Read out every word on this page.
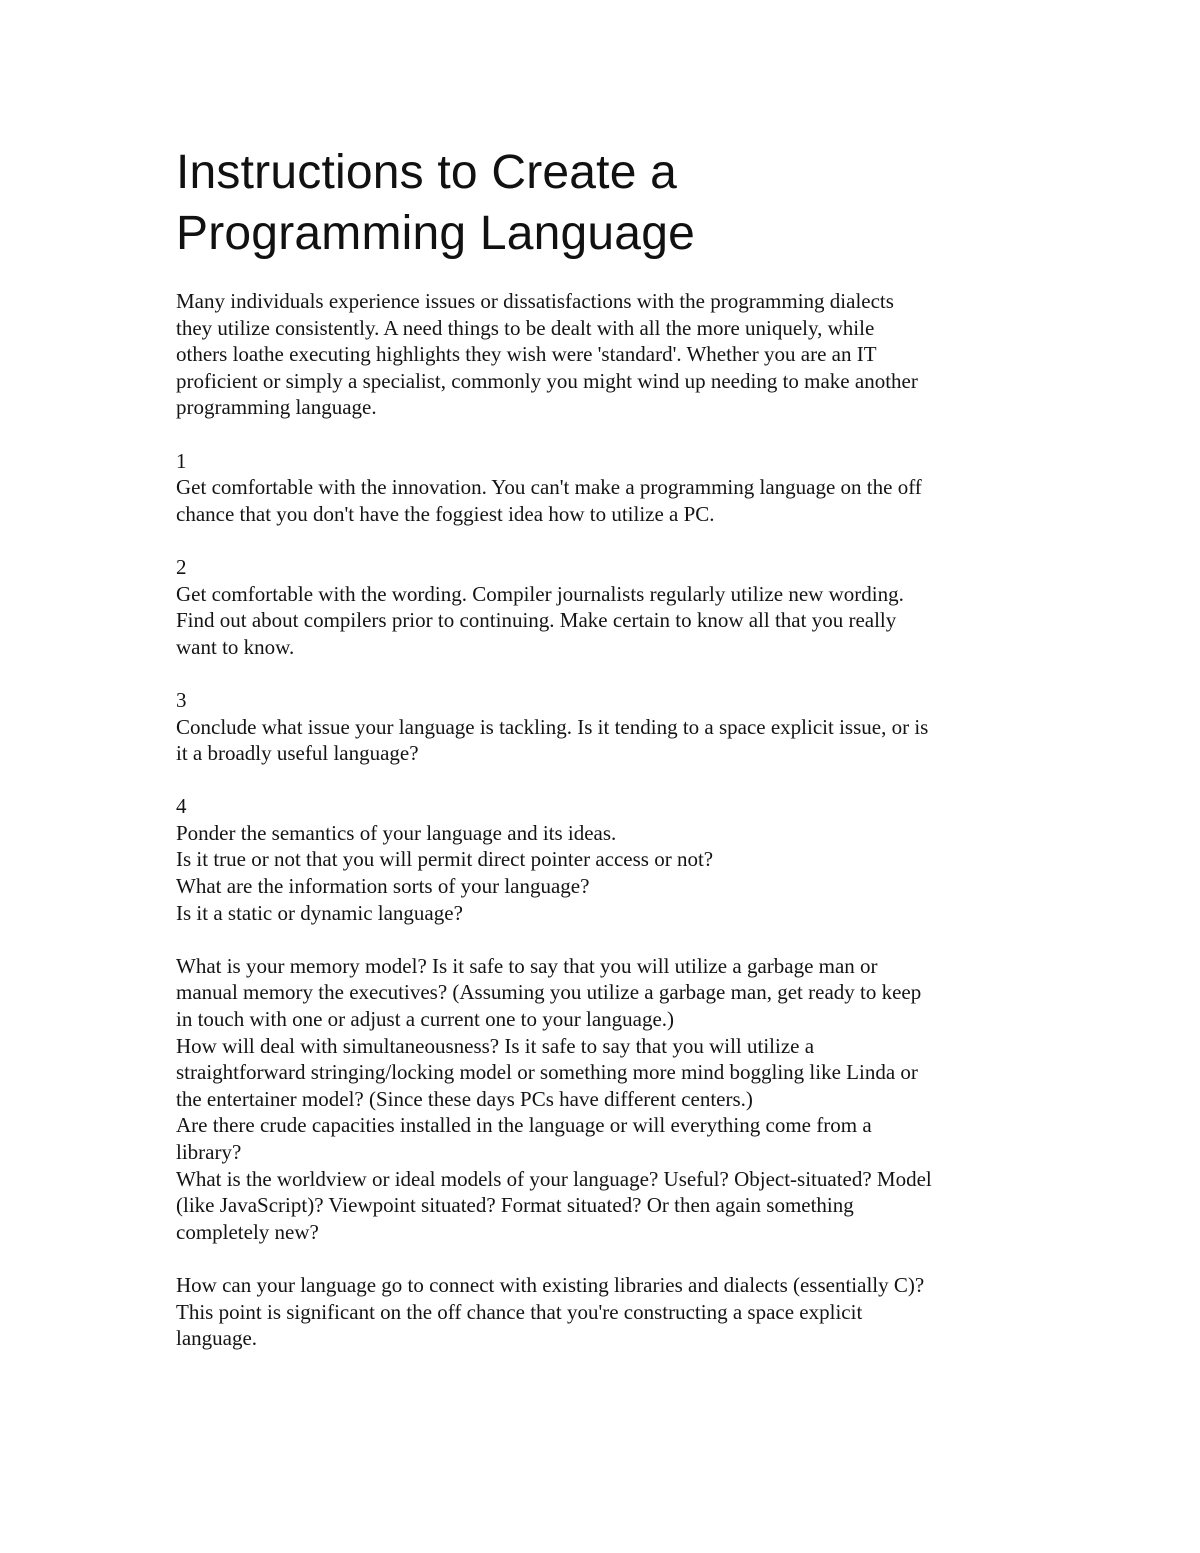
Instructions to Create a
Programming Language
Many individuals experience issues or dissatisfactions with the programming dialects
they utilize consistently. A need things to be dealt with all the more uniquely, while
others loathe executing highlights they wish were 'standard'. Whether you are an IT
proficient or simply a specialist, commonly you might wind up needing to make another
programming language.
1
Get comfortable with the innovation. You can't make a programming language on the off
chance that you don't have the foggiest idea how to utilize a PC.
2
Get comfortable with the wording. Compiler journalists regularly utilize new wording.
Find out about compilers prior to continuing. Make certain to know all that you really
want to know.
3
Conclude what issue your language is tackling. Is it tending to a space explicit issue, or is
it a broadly useful language?
4
Ponder the semantics of your language and its ideas.
Is it true or not that you will permit direct pointer access or not?
What are the information sorts of your language?
Is it a static or dynamic language?
What is your memory model? Is it safe to say that you will utilize a garbage man or
manual memory the executives? (Assuming you utilize a garbage man, get ready to keep
in touch with one or adjust a current one to your language.)
How will deal with simultaneousness? Is it safe to say that you will utilize a
straightforward stringing/locking model or something more mind boggling like Linda or
the entertainer model? (Since these days PCs have different centers.)
Are there crude capacities installed in the language or will everything come from a
library?
What is the worldview or ideal models of your language? Useful? Object-situated? Model
(like JavaScript)? Viewpoint situated? Format situated? Or then again something
completely new?
How can your language go to connect with existing libraries and dialects (essentially C)?
This point is significant on the off chance that you're constructing a space explicit
language.
